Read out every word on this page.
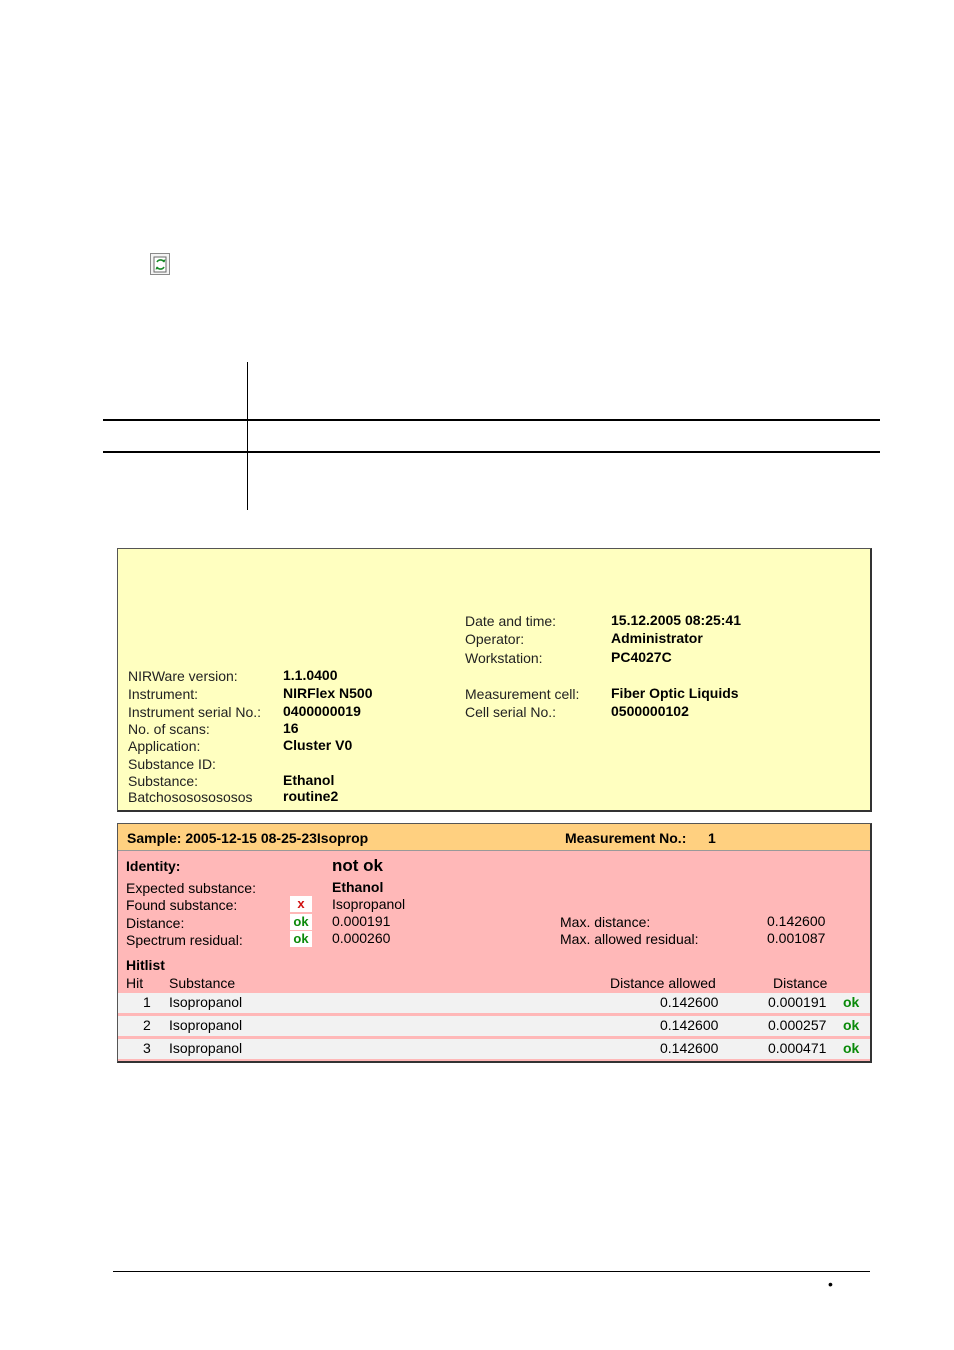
Date and time:	15.12.2005 08:25:41
Operator:	Administrator
Workstation:	PC4027C
Measurement cell: Fiber Optic Liquids
Cell serial No.:	0500000102
NIRWare version:	1.1.0400
Instrument:	NIRFlex N500
Instrument serial No.: 0400000019
No. of scans:	16
Application:	Cluster V0
Substance ID:
Substance:	Ethanol
Batchosososososos	routine2
Sample: 2005-12-15 08-25-23Isoprop	Measurement No.: 1
Identity:	not ok
Expected substance:	Ethanol
Found substance:	x	Isopropanol
Distance:	ok 0.000191
Spectrum residual:	ok 0.000260
Max. distance:	0.142600
Max. allowed residual:	0.001087
Hitlist
Hit Substance	Distance allowed	Distance
1 Isopropanol	0.142600	0.000191 ok
2 Isopropanol	0.142600	0.000257 ok
3 Isopropanol	0.142600	0.000471 ok
•
